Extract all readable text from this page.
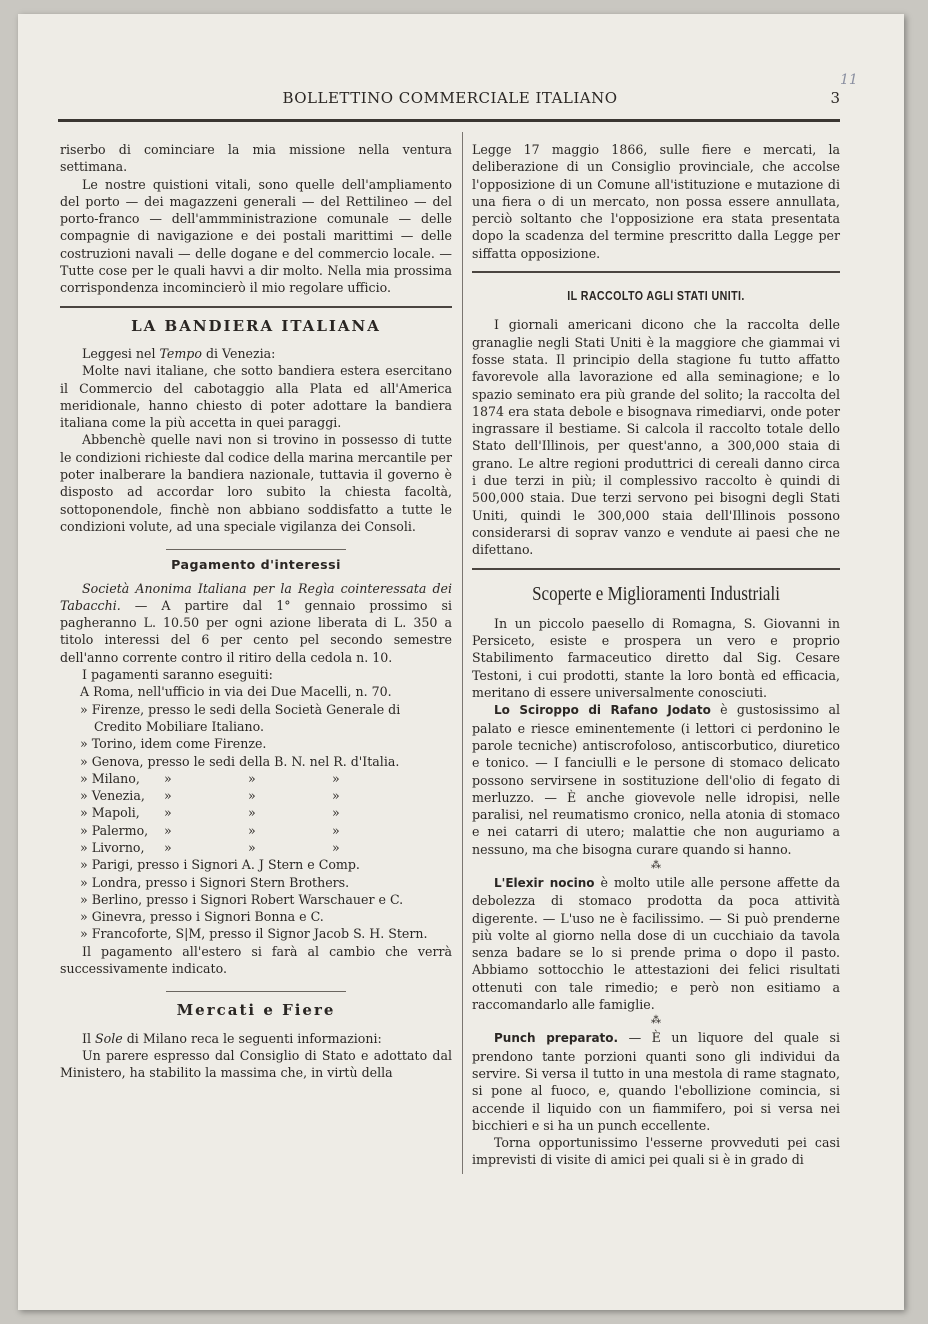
11
BOLLETTINO COMMERCIALE ITALIANO	3

riserbo di cominciare la mia missione nella ventura settimana.

Le nostre quistioni vitali, sono quelle dell'ampliamento del porto — dei magazzeni generali — del Rettilineo — del porto-franco — dell'ammministrazione comunale — delle compagnie di navigazione e dei postali marittimi — delle costruzioni navali — delle dogane e del commercio locale. — Tutte cose per le quali havvi a dir molto. Nella mia prossima corrispondenza incomincierò il mio regolare ufficio.

LA BANDIERA ITALIANA

Leggesi nel Tempo di Venezia:

Molte navi italiane, che sotto bandiera estera esercitano il Commercio del cabotaggio alla Plata ed all'America meridionale, hanno chiesto di poter adottare la bandiera italiana come la più accetta in quei paraggi.

Abbenchè quelle navi non si trovino in possesso di tutte le condizioni richieste dal codice della marina mercantile per poter inalberare la bandiera nazionale, tuttavia il governo è disposto ad accordar loro subito la chiesta facoltà, sottoponendole, finchè non abbiano soddisfatto a tutte le condizioni volute, ad una speciale vigilanza dei Consoli.

Pagamento d'interessi

Società Anonima Italiana per la Regìa cointeressata dei Tabacchi. — A partire dal 1° gennaio prossimo si pagheranno L. 10.50 per ogni azione liberata di L. 350 a titolo interessi del 6 per cento pel secondo semestre dell'anno corrente contro il ritiro della cedola n. 10.

I pagamenti saranno eseguiti:

A Roma, nell'ufficio in via dei Due Macelli, n. 70.
» Firenze, presso le sedi della Società Generale di Credito Mobiliare Italiano.
» Torino, idem come Firenze.
» Genova, presso le sedi della B. N. nel R. d'Italia.
» Milano, »	»	»
» Venezia, »	»	»
» Mapoli, »	»	»
» Palermo, »	»	»
» Livorno, »	»	»
» Parigi, presso i Signori A. J Stern e Comp.
» Londra, presso i Signori Stern Brothers.
» Berlino, presso i Signori Robert Warschauer e C.
» Ginevra, presso i Signori Bonna e C.
» Francoforte, S|M, presso il Signor Jacob S. H. Stern.

Il pagamento all'estero si farà al cambio che verrà successivamente indicato.

Mercati e Fiere

Il Sole di Milano reca le seguenti informazioni:

Un parere espresso dal Consiglio di Stato e adottato dal Ministero, ha stabilito la massima che, in virtù della

Legge 17 maggio 1866, sulle fiere e mercati, la deliberazione di un Consiglio provinciale, che accolse l'opposizione di un Comune all'istituzione e mutazione di una fiera o di un mercato, non possa essere annullata, perciò soltanto che l'opposizione era stata presentata dopo la scadenza del termine prescritto dalla Legge per siffatta opposizione.

IL RACCOLTO AGLI STATI UNITI.

I giornali americani dicono che la raccolta delle granaglie negli Stati Uniti è la maggiore che giammai vi fosse stata. Il principio della stagione fu tutto affatto favorevole alla lavorazione ed alla seminagione; e lo spazio seminato era più grande del solito; la raccolta del 1874 era stata debole e bisognava rimediarvi, onde poter ingrassare il bestiame. Si calcola il raccolto totale dello Stato dell'Illinois, per quest'anno, a 300,000 staia di grano. Le altre regioni produttrici di cereali danno circa i due terzi in più; il complessivo raccolto è quindi di 500,000 staia. Due terzi servono pei bisogni degli Stati Uniti, quindi le 300,000 staia dell'Illinois possono considerarsi di soprav vanzo e vendute ai paesi che ne difettano.

Scoperte e Miglioramenti Industriali

In un piccolo paesello di Romagna, S. Giovanni in Persiceto, esiste e prospera un vero e proprio Stabilimento farmaceutico diretto dal Sig. Cesare Testoni, i cui prodotti, stante la loro bontà ed efficacia, meritano di essere universalmente conosciuti.

Lo Sciroppo di Rafano Jodato è gustosissimo al palato e riesce eminentemente (i lettori ci perdonino le parole tecniche) antiscrofoloso, antiscorbutico, diuretico e tonico. — I fanciulli e le persone di stomaco delicato possono servirsene in sostituzione dell'olio di fegato di merluzzo. — È anche giovevole nelle idropisi, nelle paralisi, nel reumatismo cronico, nella atonia di stomaco e nei catarri di utero; malattie che non auguriamo a nessuno, ma che bisogna curare quando si hanno.

⁂

L'Elexir nocino è molto utile alle persone affette da debolezza di stomaco prodotta da poca attività digerente. — L'uso ne è facilissimo. — Si può prenderne più volte al giorno nella dose di un cucchiaio da tavola senza badare se lo si prende prima o dopo il pasto. Abbiamo sottocchio le attestazioni dei felici risultati ottenuti con tale rimedio; e però non esitiamo a raccomandarlo alle famiglie.

⁂

Punch preparato. — È un liquore del quale si prendono tante porzioni quanti sono gli individui da servire. Si versa il tutto in una mestola di rame stagnato, si pone al fuoco, e, quando l'ebollizione comincia, si accende il liquido con un fiammifero, poi si versa nei bicchieri e si ha un punch eccellente.

Torna opportunissimo l'esserne provveduti pei casi imprevisti di visite di amici pei quali si è in grado di
